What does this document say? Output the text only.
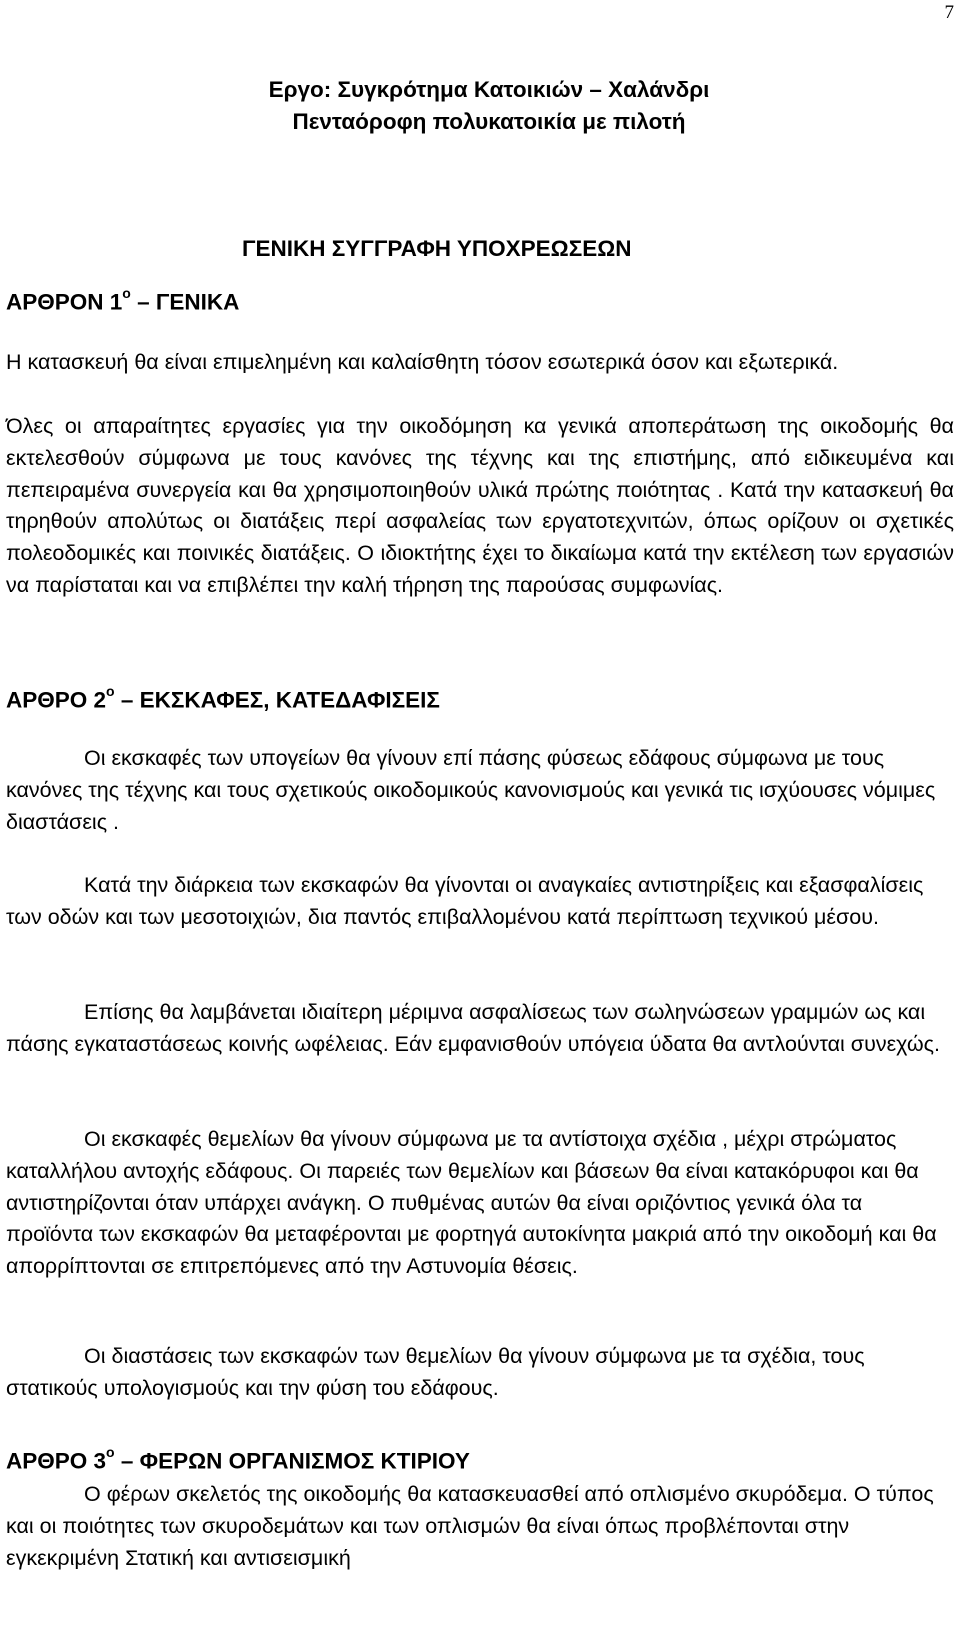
7
Εργο: Συγκρότημα Κατοικιών – Χαλάνδρι
Πενταόροφη πολυκατοικία με πιλοτή
ΓΕΝΙΚΗ ΣΥΓΓΡΑΦΗ ΥΠΟΧΡΕΩΣΕΩΝ
ΑΡΘΡΟΝ $1^o$ – ΓΕΝΙΚΑ

Η κατασκευή θα είναι επιμελημένη και καλαίσθητη τόσον εσωτερικά όσον και εξωτερικά.

Όλες οι απαραίτητες εργασίες για την οικοδόμηση κα γενικά αποπεράτωση της οικοδομής θα εκτελεσθούν σύμφωνα με τους κανόνες της τέχνης και της επιστήμης, από ειδικευμένα και πεπειραμένα συνεργεία και θα χρησιμοποιηθούν υλικά πρώτης ποιότητας . Κατά την κατασκευή θα τηρηθούν απολύτως οι διατάξεις περί ασφαλείας των εργατοτεχνιτών, όπως ορίζουν οι σχετικές πολεοδομικές και ποινικές διατάξεις. Ο ιδιοκτήτης έχει το δικαίωμα κατά την εκτέλεση των εργασιών να παρίσταται και να επιβλέπει την καλή τήρηση της παρούσας συμφωνίας.

ΑΡΘΡΟ $2^o$ – ΕΚΣΚΑΦΕΣ, ΚΑΤΕΔΑΦΙΣΕΙΣ

Οι εκσκαφές των υπογείων θα γίνουν επί πάσης φύσεως εδάφους σύμφωνα με τους κανόνες της τέχνης και τους σχετικούς οικοδομικούς κανονισμούς και γενικά τις ισχύουσες νόμιμες διαστάσεις .

Κατά την διάρκεια των εκσκαφών θα γίνονται οι αναγκαίες αντιστηρίξεις και εξασφαλίσεις των οδών και των μεσοτοιχιών, δια παντός επιβαλλομένου κατά περίπτωση τεχνικού μέσου.

Επίσης θα λαμβάνεται ιδιαίτερη μέριμνα ασφαλίσεως των σωληνώσεων γραμμών ως και πάσης εγκαταστάσεως κοινής ωφέλειας. Εάν εμφανισθούν υπόγεια ύδατα θα αντλούνται συνεχώς.

Οι εκσκαφές θεμελίων θα γίνουν σύμφωνα με τα αντίστοιχα σχέδια , μέχρι στρώματος καταλλήλου αντοχής εδάφους. Οι παρειές των θεμελίων και βάσεων θα είναι κατακόρυφοι και θα αντιστηρίζονται όταν υπάρχει ανάγκη. Ο πυθμένας αυτών θα είναι οριζόντιος γενικά όλα τα προϊόντα των εκσκαφών θα μεταφέρονται με φορτηγά αυτοκίνητα μακριά από την οικοδομή και θα απορρίπτονται σε επιτρεπόμενες από την Αστυνομία θέσεις.

Οι διαστάσεις των εκσκαφών των θεμελίων θα γίνουν σύμφωνα με τα σχέδια, τους στατικούς υπολογισμούς και την φύση του εδάφους.

ΑΡΘΡΟ $3^o$ – ΦΕΡΩΝ ΟΡΓΑΝΙΣΜΟΣ ΚΤΙΡΙΟΥ

Ο φέρων σκελετός της οικοδομής θα κατασκευασθεί από οπλισμένο σκυρόδεμα. Ο τύπος και οι ποιότητες των σκυροδεμάτων και των οπλισμών θα είναι όπως προβλέπονται στην εγκεκριμένη Στατική και αντισεισμική
